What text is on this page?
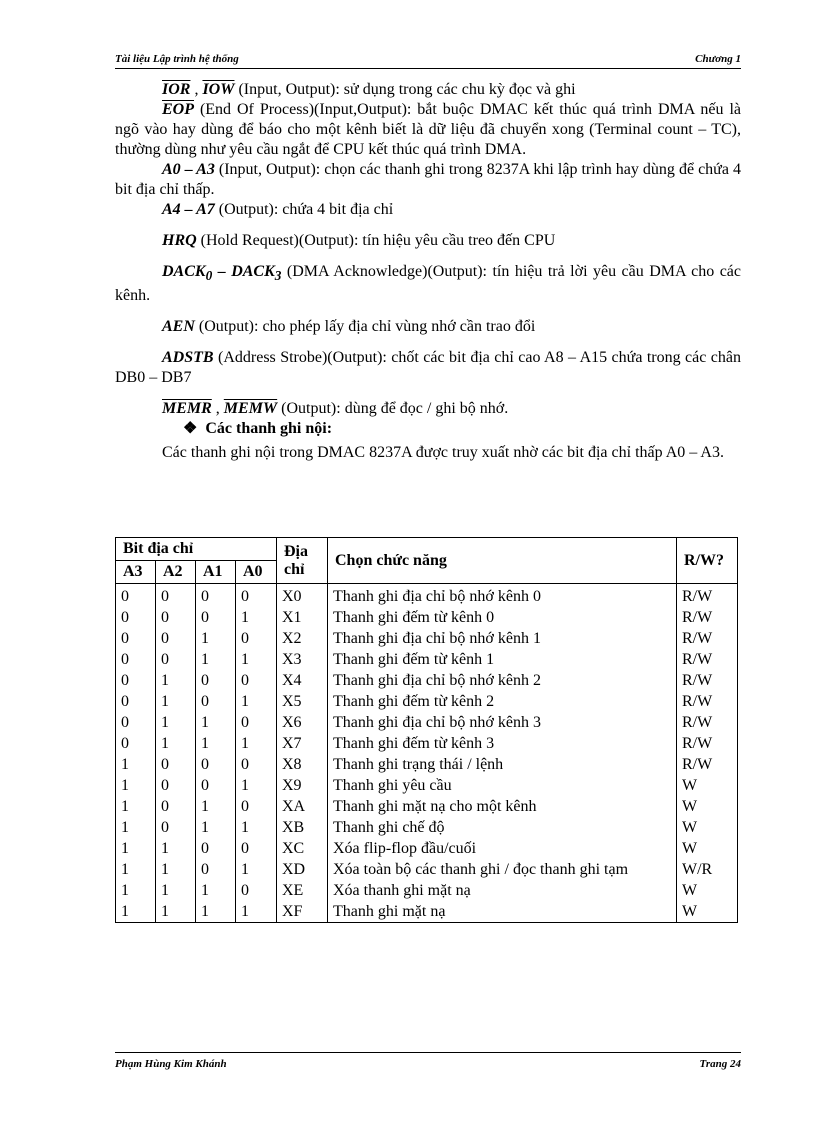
Tài liệu Lập trình hệ thống	Chương 1

$\overline{IOR}$ , $\overline{IOW}$ (Input, Output): sử dụng trong các chu kỳ đọc và ghi

$\overline{EOP}$ (End Of Process)(Input,Output): bắt buộc DMAC kết thúc quá trình DMA nếu là ngõ vào hay dùng để báo cho một kênh biết là dữ liệu đã chuyển xong (Terminal count – TC), thường dùng như yêu cầu ngắt để CPU kết thúc quá trình DMA.

A0 – A3 (Input, Output): chọn các thanh ghi trong 8237A khi lập trình hay dùng để chứa 4 bit địa chỉ thấp.

A4 – A7 (Output): chứa 4 bit địa chỉ

HRQ (Hold Request)(Output): tín hiệu yêu cầu treo đến CPU

$DACK_0$ – $DACK_3$ (DMA Acknowledge)(Output): tín hiệu trả lời yêu cầu DMA cho các kênh.

AEN (Output): cho phép lấy địa chỉ vùng nhớ cần trao đổi

ADSTB (Address Strobe)(Output): chốt các bit địa chỉ cao A8 – A15 chứa trong các chân DB0 – DB7

MEMR , MEMW (Output): dùng để đọc / ghi bộ nhớ.

❖ Các thanh ghi nội:

Các thanh ghi nội trong DMAC 8237A được truy xuất nhờ các bit địa chỉ thấp A0 – A3.

Bit địa chỉ				Địa chỉ	Chọn chức năng	R/W?
A3	A2	A1	A0			
0	0	0	0	X0	Thanh ghi địa chỉ bộ nhớ kênh 0	R/W
0	0	0	1	X1	Thanh ghi đếm từ kênh 0	R/W
0	0	1	0	X2	Thanh ghi địa chỉ bộ nhớ kênh 1	R/W
0	0	1	1	X3	Thanh ghi đếm từ kênh 1	R/W
0	1	0	0	X4	Thanh ghi địa chỉ bộ nhớ kênh 2	R/W
0	1	0	1	X5	Thanh ghi đếm từ kênh 2	R/W
0	1	1	0	X6	Thanh ghi địa chỉ bộ nhớ kênh 3	R/W
0	1	1	1	X7	Thanh ghi đếm từ kênh 3	R/W
1	0	0	0	X8	Thanh ghi trạng thái / lệnh	R/W
1	0	0	1	X9	Thanh ghi yêu cầu	W
1	0	1	0	XA	Thanh ghi mặt nạ cho một kênh	W
1	0	1	1	XB	Thanh ghi chế độ	W
1	1	0	0	XC	Xóa flip-flop đầu/cuối	W
1	1	0	1	XD	Xóa toàn bộ các thanh ghi / đọc thanh ghi tạm	W/R
1	1	1	0	XE	Xóa thanh ghi mặt nạ	W
1	1	1	1	XF	Thanh ghi mặt nạ	W
Phạm Hùng Kim Khánh	Trang 24
